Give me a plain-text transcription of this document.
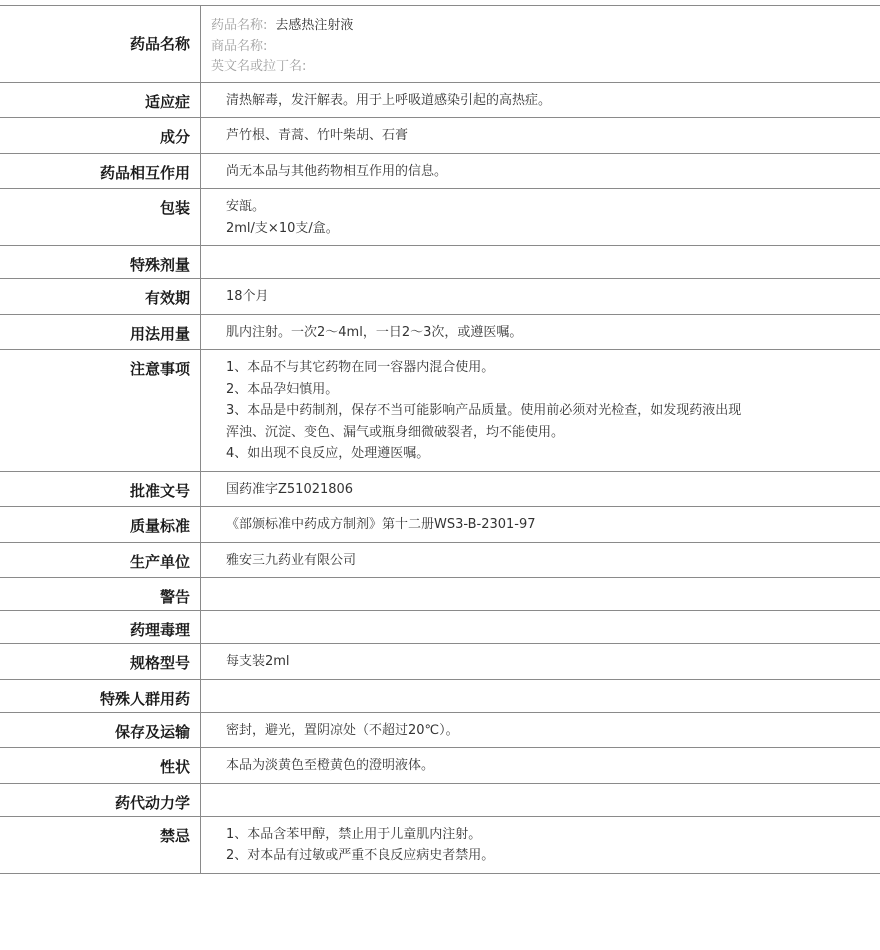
药品名称	药品名称: 去感热注射液
商品名称:
英文名或拉丁名:

适应症	清热解毒，发汗解表。用于上呼吸道感染引起的高热症。

成分	芦竹根、青蒿、竹叶柴胡、石膏

药品相互作用	尚无本品与其他药物相互作用的信息。

包装	安瓿。
2ml/支×10支/盒。

特殊剂量	
有效期	18个月

用法用量	肌内注射。一次2～4ml，一日2～3次，或遵医嘱。

注意事项	1、本品不与其它药物在同一容器内混合使用。
2、本品孕妇慎用。
3、本品是中药制剂，保存不当可能影响产品质量。使用前必须对光检查，如发现药液出现
浑浊、沉淀、变色、漏气或瓶身细微破裂者，均不能使用。
4、如出现不良反应，处理遵医嘱。

批准文号	国药准字Z51021806

质量标准	《部颁标准中药成方制剂》第十二册WS3-B-2301-97

生产单位	雅安三九药业有限公司

警告	
药理毒理	
规格型号	每支装2ml

特殊人群用药	
保存及运输	密封，避光，置阴凉处（不超过20℃）。

性状	本品为淡黄色至橙黄色的澄明液体。

药代动力学	
禁忌	1、本品含苯甲醇，禁止用于儿童肌内注射。
2、对本品有过敏或严重不良反应病史者禁用。
